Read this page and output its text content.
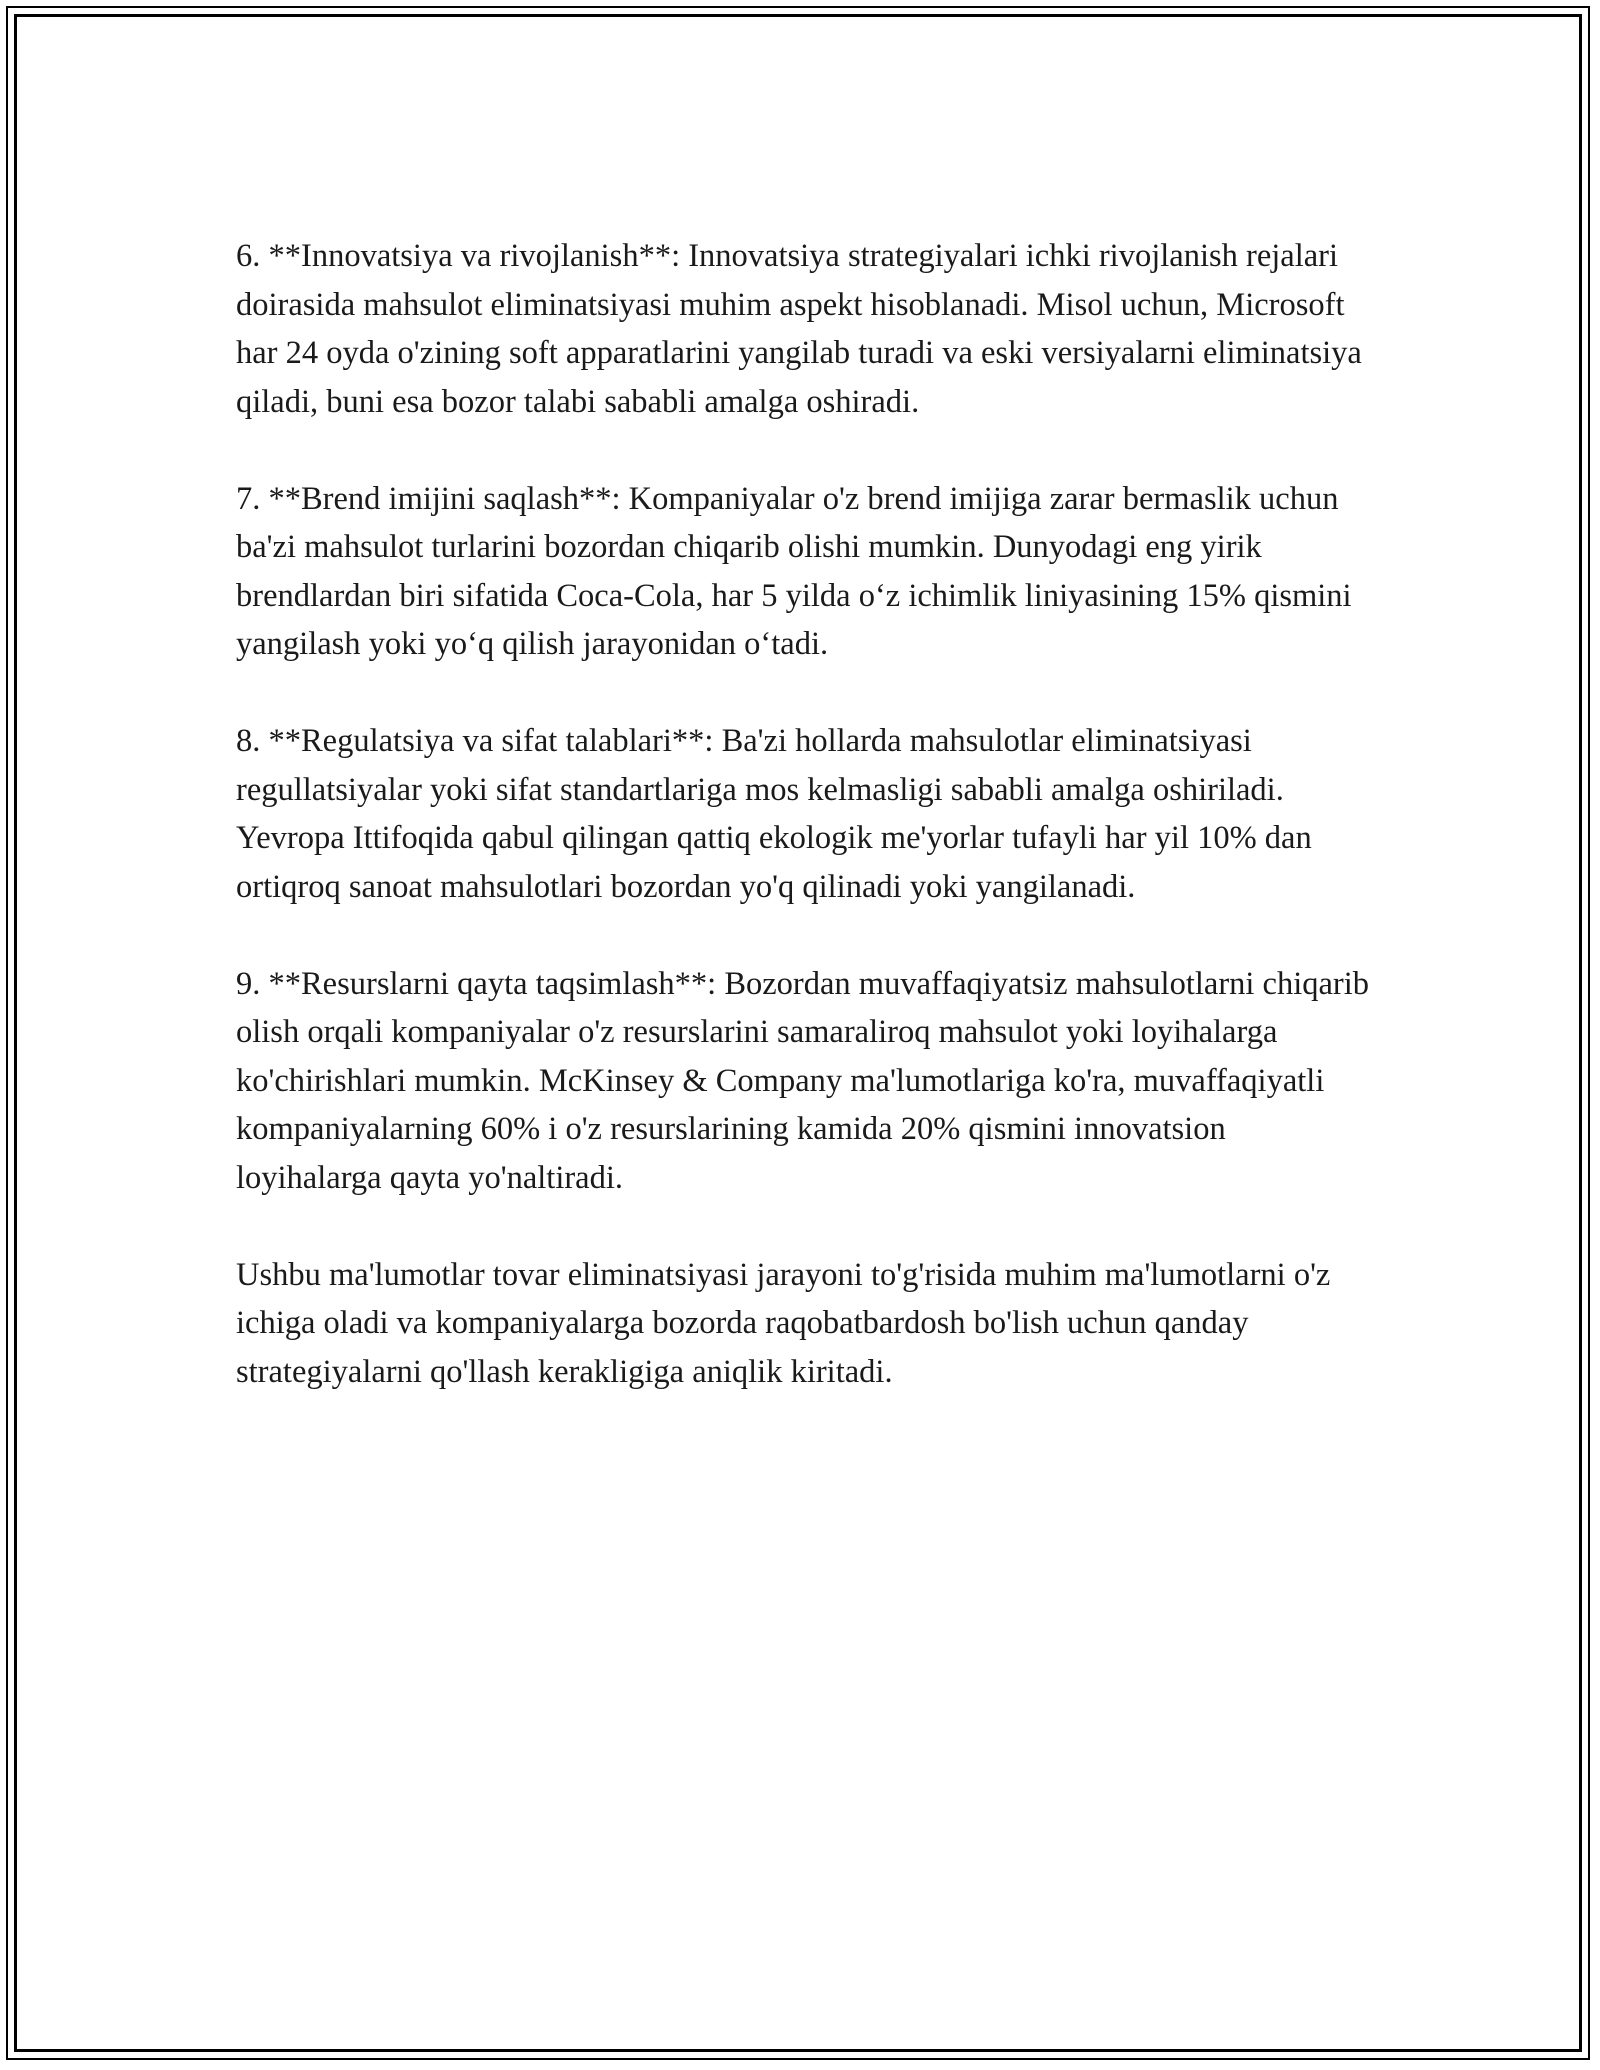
6. **Innovatsiya va rivojlanish**: Innovatsiya strategiyalari ichki rivojlanish rejalari doirasida mahsulot eliminatsiyasi muhim aspekt hisoblanadi. Misol uchun, Microsoft har 24 oyda o'zining soft apparatlarini yangilab turadi va eski versiyalarni eliminatsiya qiladi, buni esa bozor talabi sababli amalga oshiradi.

7. **Brend imijini saqlash**: Kompaniyalar o'z brend imijiga zarar bermaslik uchun ba'zi mahsulot turlarini bozordan chiqarib olishi mumkin. Dunyodagi eng yirik brendlardan biri sifatida Coca-Cola, har 5 yilda o‘z ichimlik liniyasining 15% qismini yangilash yoki yo‘q qilish jarayonidan o‘tadi.

8. **Regulatsiya va sifat talablari**: Ba'zi hollarda mahsulotlar eliminatsiyasi regullatsiyalar yoki sifat standartlariga mos kelmasligi sababli amalga oshiriladi. Yevropa Ittifoqida qabul qilingan qattiq ekologik me'yorlar tufayli har yil 10% dan ortiqroq sanoat mahsulotlari bozordan yo'q qilinadi yoki yangilanadi.

9. **Resurslarni qayta taqsimlash**: Bozordan muvaffaqiyatsiz mahsulotlarni chiqarib olish orqali kompaniyalar o'z resurslarini samaraliroq mahsulot yoki loyihalarga ko'chirishlari mumkin. McKinsey & Company ma'lumotlariga ko'ra, muvaffaqiyatli kompaniyalarning 60% i o'z resurslarining kamida 20% qismini innovatsion loyihalarga qayta yo'naltiradi.

Ushbu ma'lumotlar tovar eliminatsiyasi jarayoni to'g'risida muhim ma'lumotlarni o'z ichiga oladi va kompaniyalarga bozorda raqobatbardosh bo'lish uchun qanday strategiyalarni qo'llash kerakligiga aniqlik kiritadi.
